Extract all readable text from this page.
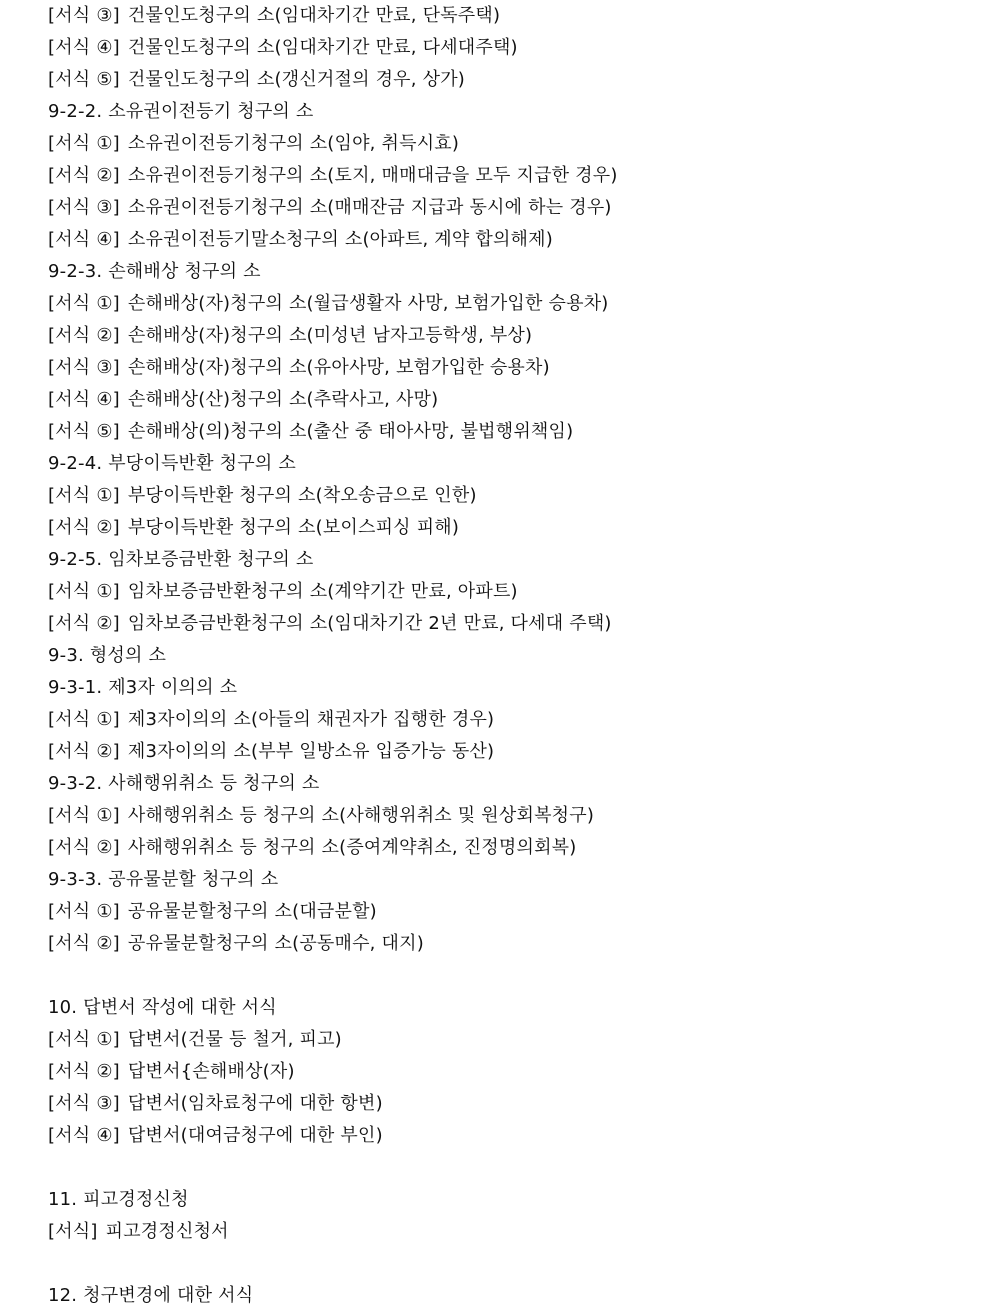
[서식 ③] 건물인도청구의 소(임대차기간 만료, 단독주택)
[서식 ④] 건물인도청구의 소(임대차기간 만료, 다세대주택)
[서식 ⑤] 건물인도청구의 소(갱신거절의 경우, 상가)
9-2-2. 소유권이전등기 청구의 소
[서식 ①] 소유권이전등기청구의 소(임야, 취득시효)
[서식 ②] 소유권이전등기청구의 소(토지, 매매대금을 모두 지급한 경우)
[서식 ③] 소유권이전등기청구의 소(매매잔금 지급과 동시에 하는 경우)
[서식 ④] 소유권이전등기말소청구의 소(아파트, 계약 합의해제)
9-2-3. 손해배상 청구의 소
[서식 ①] 손해배상(자)청구의 소(월급생활자 사망, 보험가입한 승용차)
[서식 ②] 손해배상(자)청구의 소(미성년 남자고등학생, 부상)
[서식 ③] 손해배상(자)청구의 소(유아사망, 보험가입한 승용차)
[서식 ④] 손해배상(산)청구의 소(추락사고, 사망)
[서식 ⑤] 손해배상(의)청구의 소(출산 중 태아사망, 불법행위책임)
9-2-4. 부당이득반환 청구의 소
[서식 ①] 부당이득반환 청구의 소(착오송금으로 인한)
[서식 ②] 부당이득반환 청구의 소(보이스피싱 피해)
9-2-5. 임차보증금반환 청구의 소
[서식 ①] 임차보증금반환청구의 소(계약기간 만료, 아파트)
[서식 ②] 임차보증금반환청구의 소(임대차기간 2년 만료, 다세대 주택)
9-3. 형성의 소
9-3-1. 제3자 이의의 소
[서식 ①] 제3자이의의 소(아들의 채권자가 집행한 경우)
[서식 ②] 제3자이의의 소(부부 일방소유 입증가능 동산)
9-3-2. 사해행위취소 등 청구의 소
[서식 ①] 사해행위취소 등 청구의 소(사해행위취소 및 원상회복청구)
[서식 ②] 사해행위취소 등 청구의 소(증여계약취소, 진정명의회복)
9-3-3. 공유물분할 청구의 소
[서식 ①] 공유물분할청구의 소(대금분할)
[서식 ②] 공유물분할청구의 소(공동매수, 대지)
10. 답변서 작성에 대한 서식
[서식 ①] 답변서(건물 등 철거, 피고)
[서식 ②] 답변서{손해배상(자)
[서식 ③] 답변서(임차료청구에 대한 항변)
[서식 ④] 답변서(대여금청구에 대한 부인)
11. 피고경정신청
[서식] 피고경정신청서
12. 청구변경에 대한 서식
